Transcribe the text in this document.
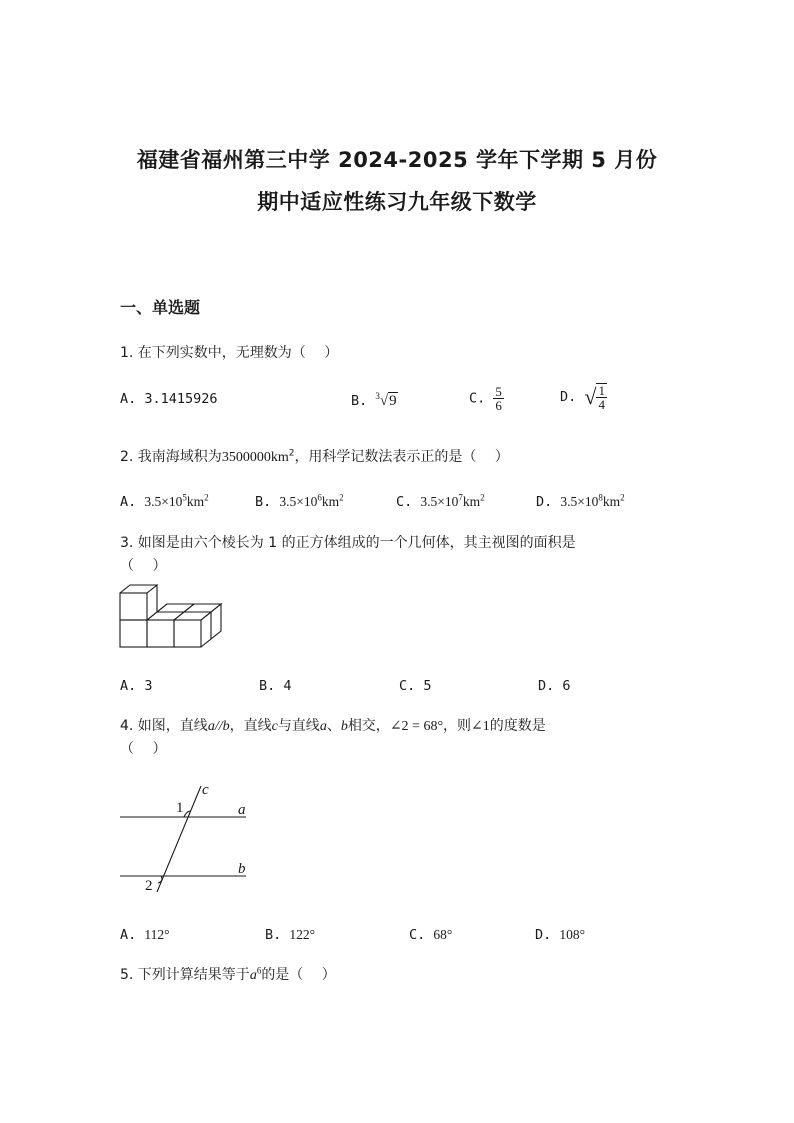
福建省福州第三中学 2024-2025 学年下学期 5 月份
期中适应性练习九年级下数学
一、单选题
1. 在下列实数中，无理数为（　 ）
A. 3.1415926	B. $^3$√9	C. $\frac{5}{6}$	D. √ $\frac{1}{4}$
2. 我南海域积为$3500000km^2$，用科学记数法表示正的是（　 ）
A. $3.5\times 10^5km^2$	B. $3.5\times 10^6km^2$	C. $3.5\times 10^7km^2$	D. $3.5\times 10^8km^2$
3. 如图是由六个棱长为 1 的正方体组成的一个几何体，其主视图的面积是
（　 ）
A. 3	B. 4	C. 5	D. 6
4. 如图，直线a//b，直线c与直线a、b相交，∠2 = 68°，则∠1的度数是
（　 ）
c
a
b
1
2
A. 112°	B. 122°	C. 68°	D. 108°
5. 下列计算结果等于$a^6$的是（　 ）
